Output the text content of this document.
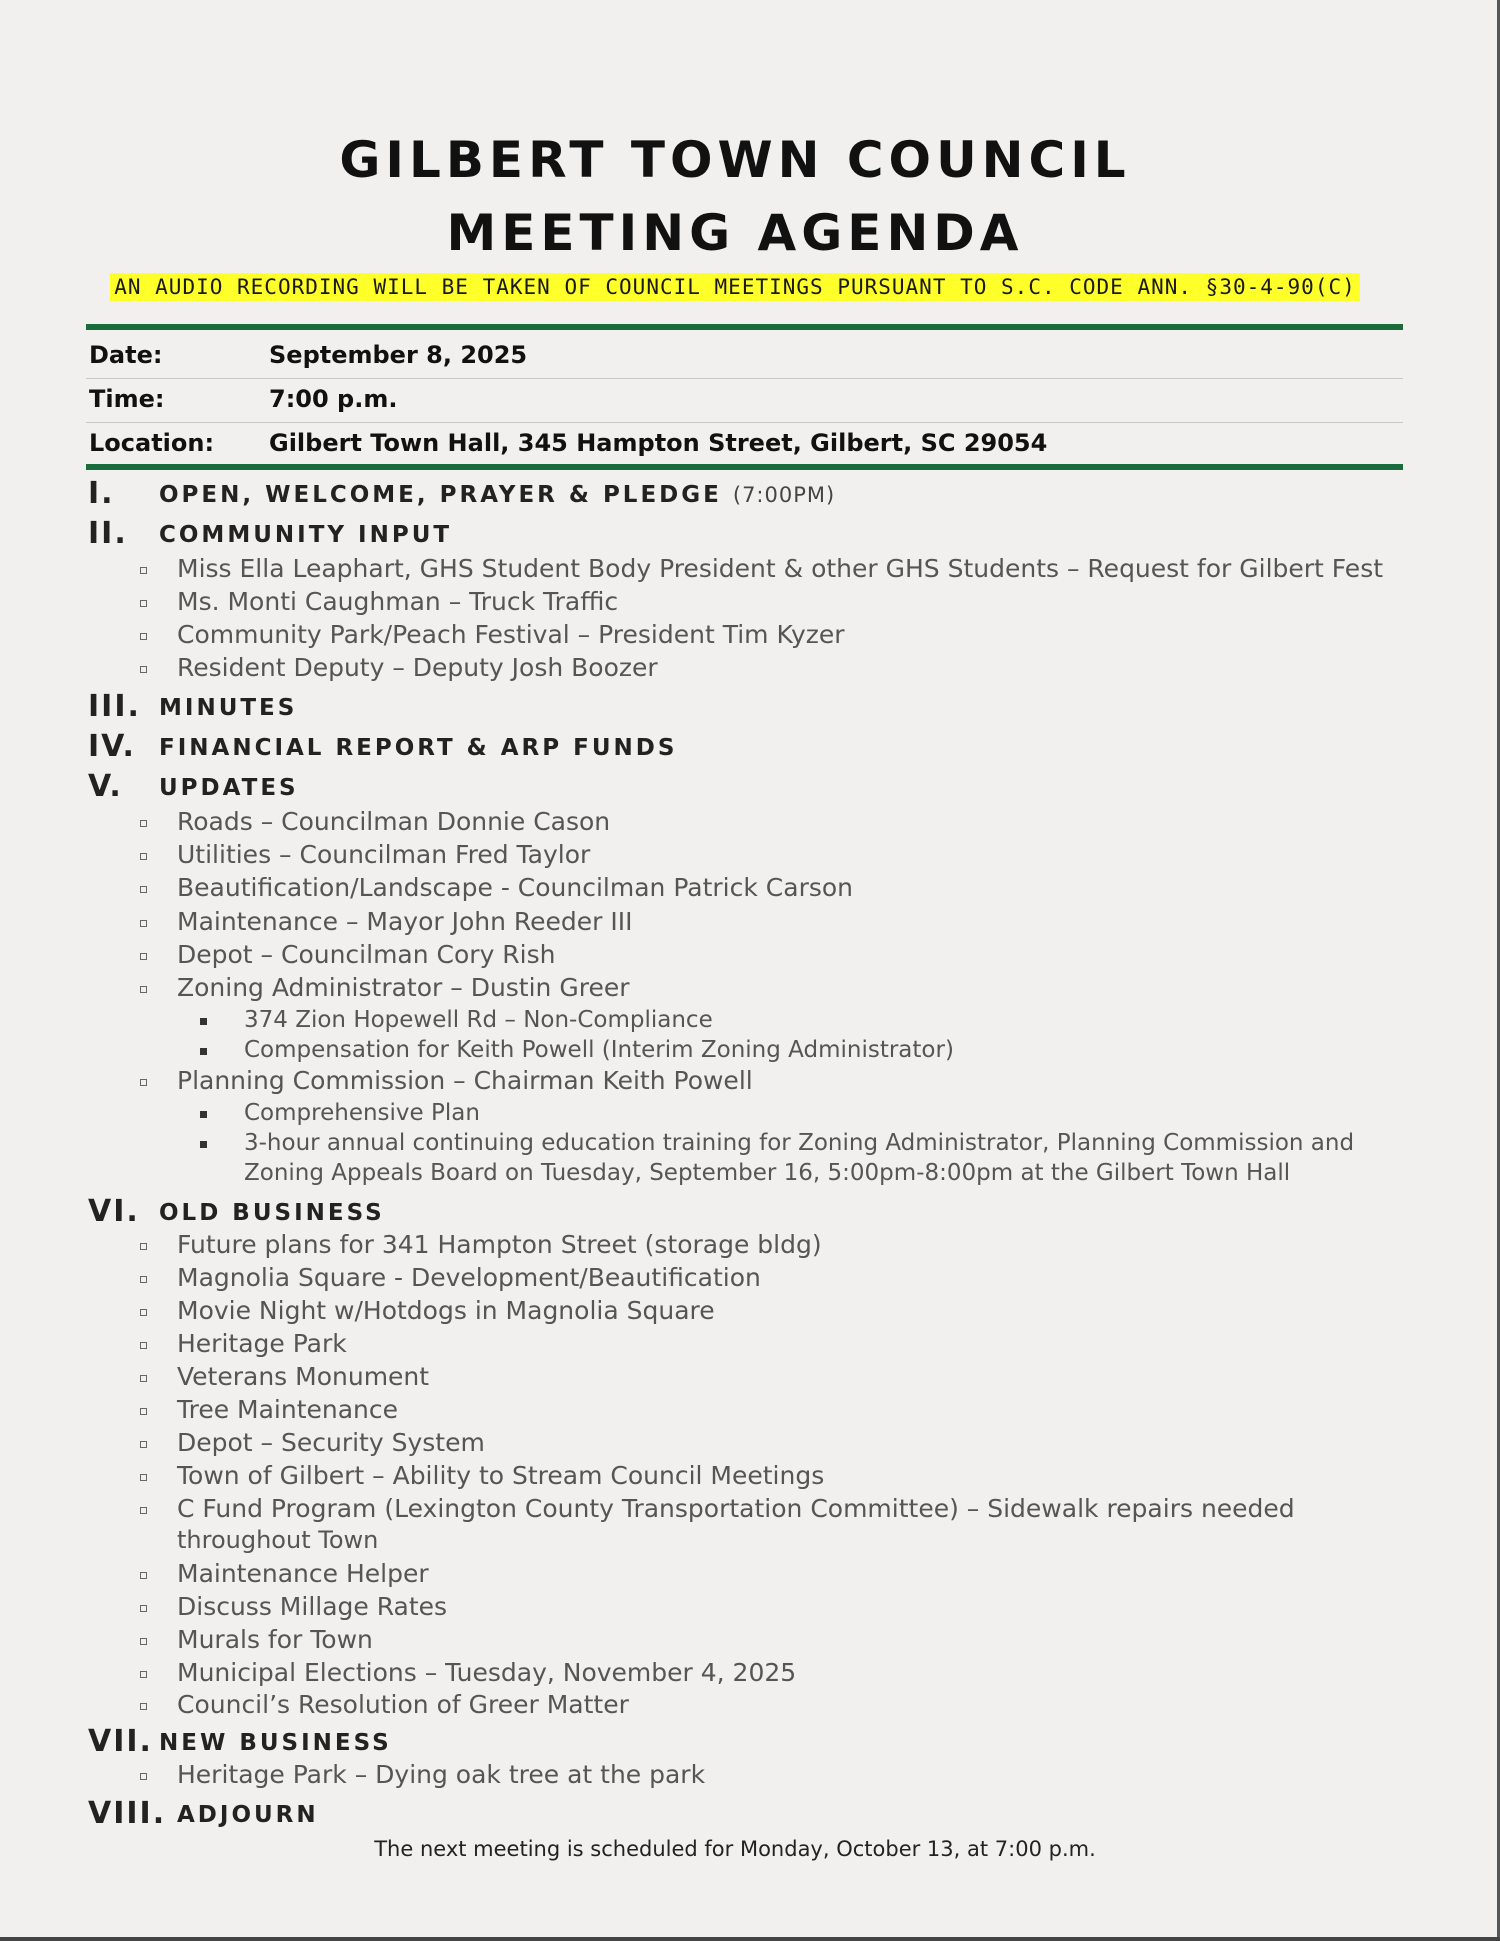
GILBERT TOWN COUNCIL
MEETING AGENDA
AN AUDIO RECORDING WILL BE TAKEN OF COUNCIL MEETINGS PURSUANT TO S.C. CODE ANN. §30-4-90(C)
Date:	September 8, 2025
Time:	7:00 p.m.
Location: Gilbert Town Hall, 345 Hampton Street, Gilbert, SC 29054
I. OPEN, WELCOME, PRAYER & PLEDGE (7:00PM)
II. COMMUNITY INPUT
Miss Ella Leaphart, GHS Student Body President & other GHS Students – Request for Gilbert Fest
Ms. Monti Caughman – Truck Traffic
Community Park/Peach Festival – President Tim Kyzer
Resident Deputy – Deputy Josh Boozer
III. MINUTES
IV. FINANCIAL REPORT & ARP FUNDS
V. UPDATES
Roads – Councilman Donnie Cason
Utilities – Councilman Fred Taylor
Beautification/Landscape - Councilman Patrick Carson
Maintenance – Mayor John Reeder III
Depot – Councilman Cory Rish
Zoning Administrator – Dustin Greer
374 Zion Hopewell Rd – Non-Compliance
Compensation for Keith Powell (Interim Zoning Administrator)
Planning Commission – Chairman Keith Powell
Comprehensive Plan
3-hour annual continuing education training for Zoning Administrator, Planning Commission and
Zoning Appeals Board on Tuesday, September 16, 5:00pm-8:00pm at the Gilbert Town Hall
VI. OLD BUSINESS
Future plans for 341 Hampton Street (storage bldg)
Magnolia Square - Development/Beautification
Movie Night w/Hotdogs in Magnolia Square
Heritage Park
Veterans Monument
Tree Maintenance
Depot – Security System
Town of Gilbert – Ability to Stream Council Meetings
C Fund Program (Lexington County Transportation Committee) – Sidewalk repairs needed
throughout Town
Maintenance Helper
Discuss Millage Rates
Murals for Town
Municipal Elections – Tuesday, November 4, 2025
Council’s Resolution of Greer Matter
VII. NEW BUSINESS
Heritage Park – Dying oak tree at the park
VIII. ADJOURN
The next meeting is scheduled for Monday, October 13, at 7:00 p.m.
